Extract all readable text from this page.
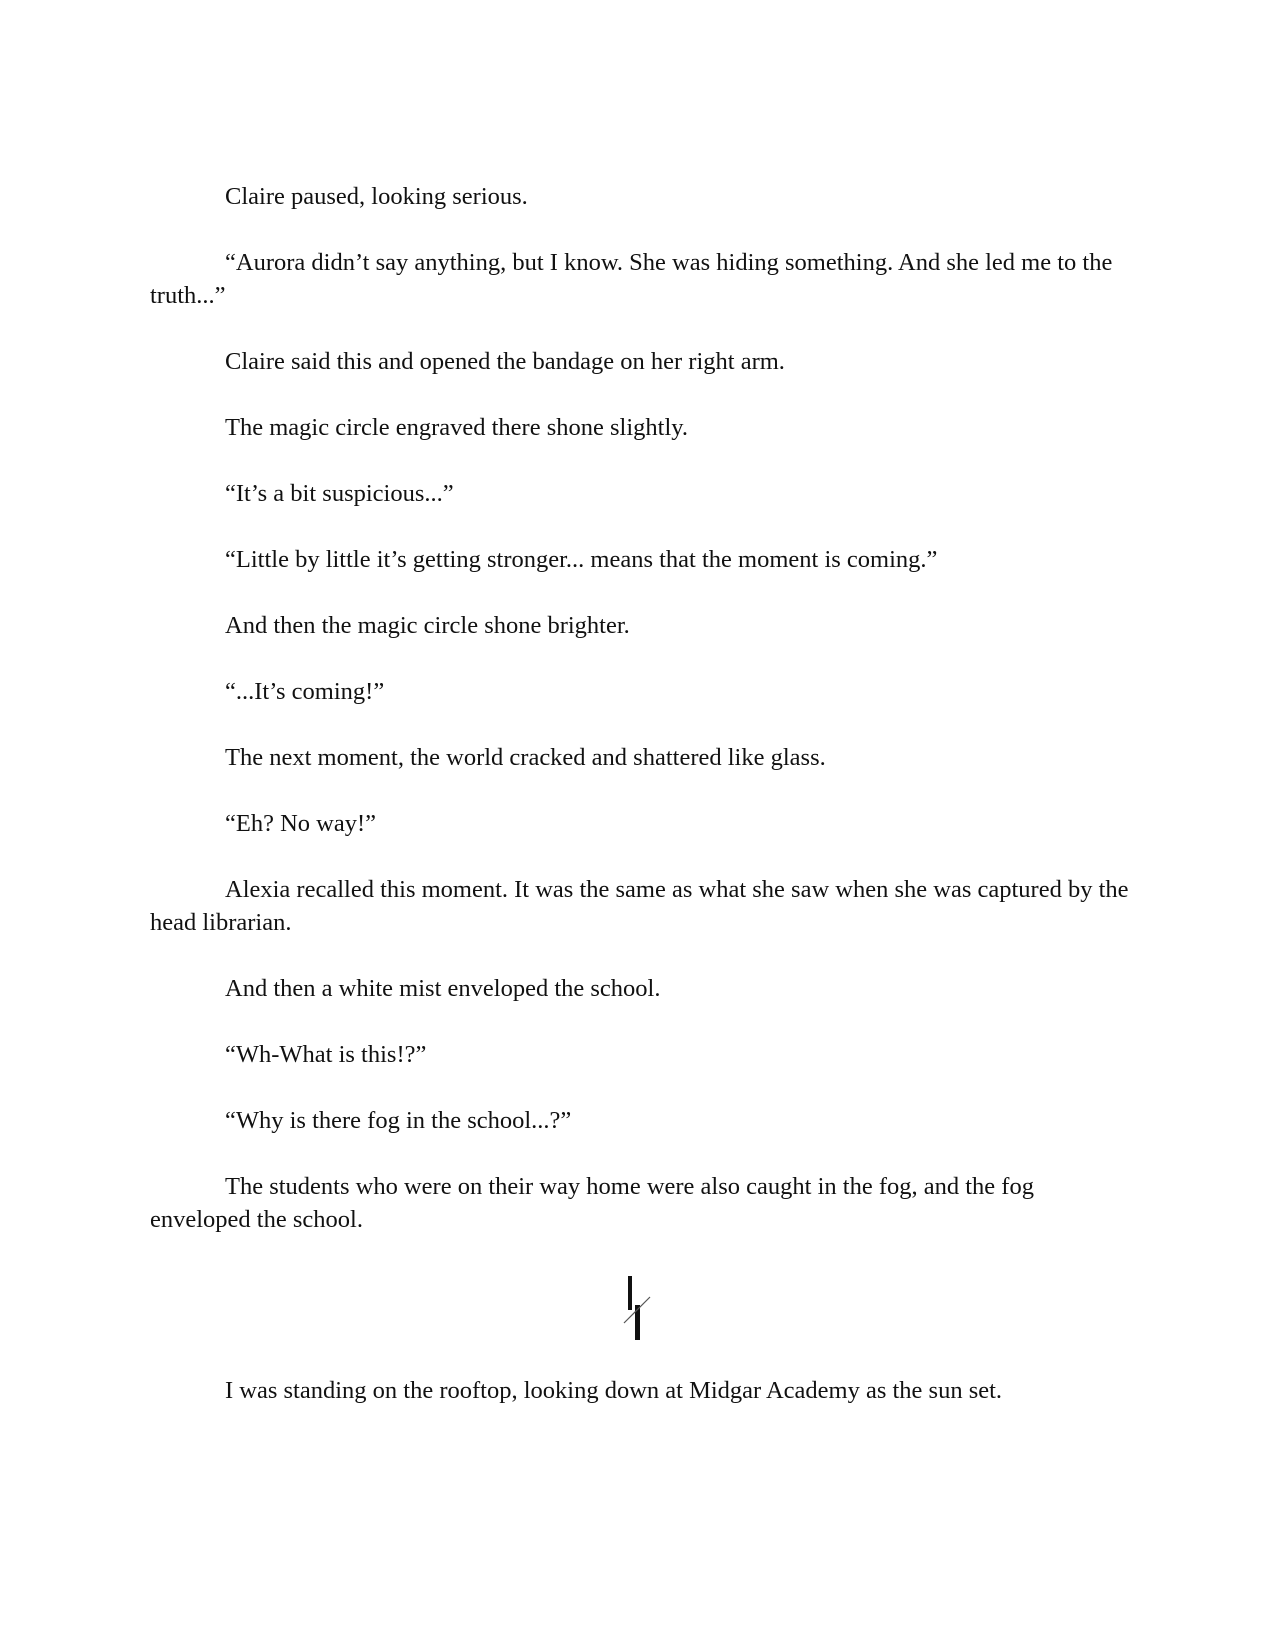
Claire paused, looking serious.

“Aurora didn’t say anything, but I know. She was hiding something. And she led me to the truth...”

Claire said this and opened the bandage on her right arm.

The magic circle engraved there shone slightly.

“It’s a bit suspicious...”

“Little by little it’s getting stronger... means that the moment is coming.”

And then the magic circle shone brighter.

“...It’s coming!”

The next moment, the world cracked and shattered like glass.

“Eh? No way!”

Alexia recalled this moment. It was the same as what she saw when she was captured by the head librarian.

And then a white mist enveloped the school.

“Wh-What is this!?”

“Why is there fog in the school...?”

The students who were on their way home were also caught in the fog, and the fog enveloped the school.

I was standing on the rooftop, looking down at Midgar Academy as the sun set.
